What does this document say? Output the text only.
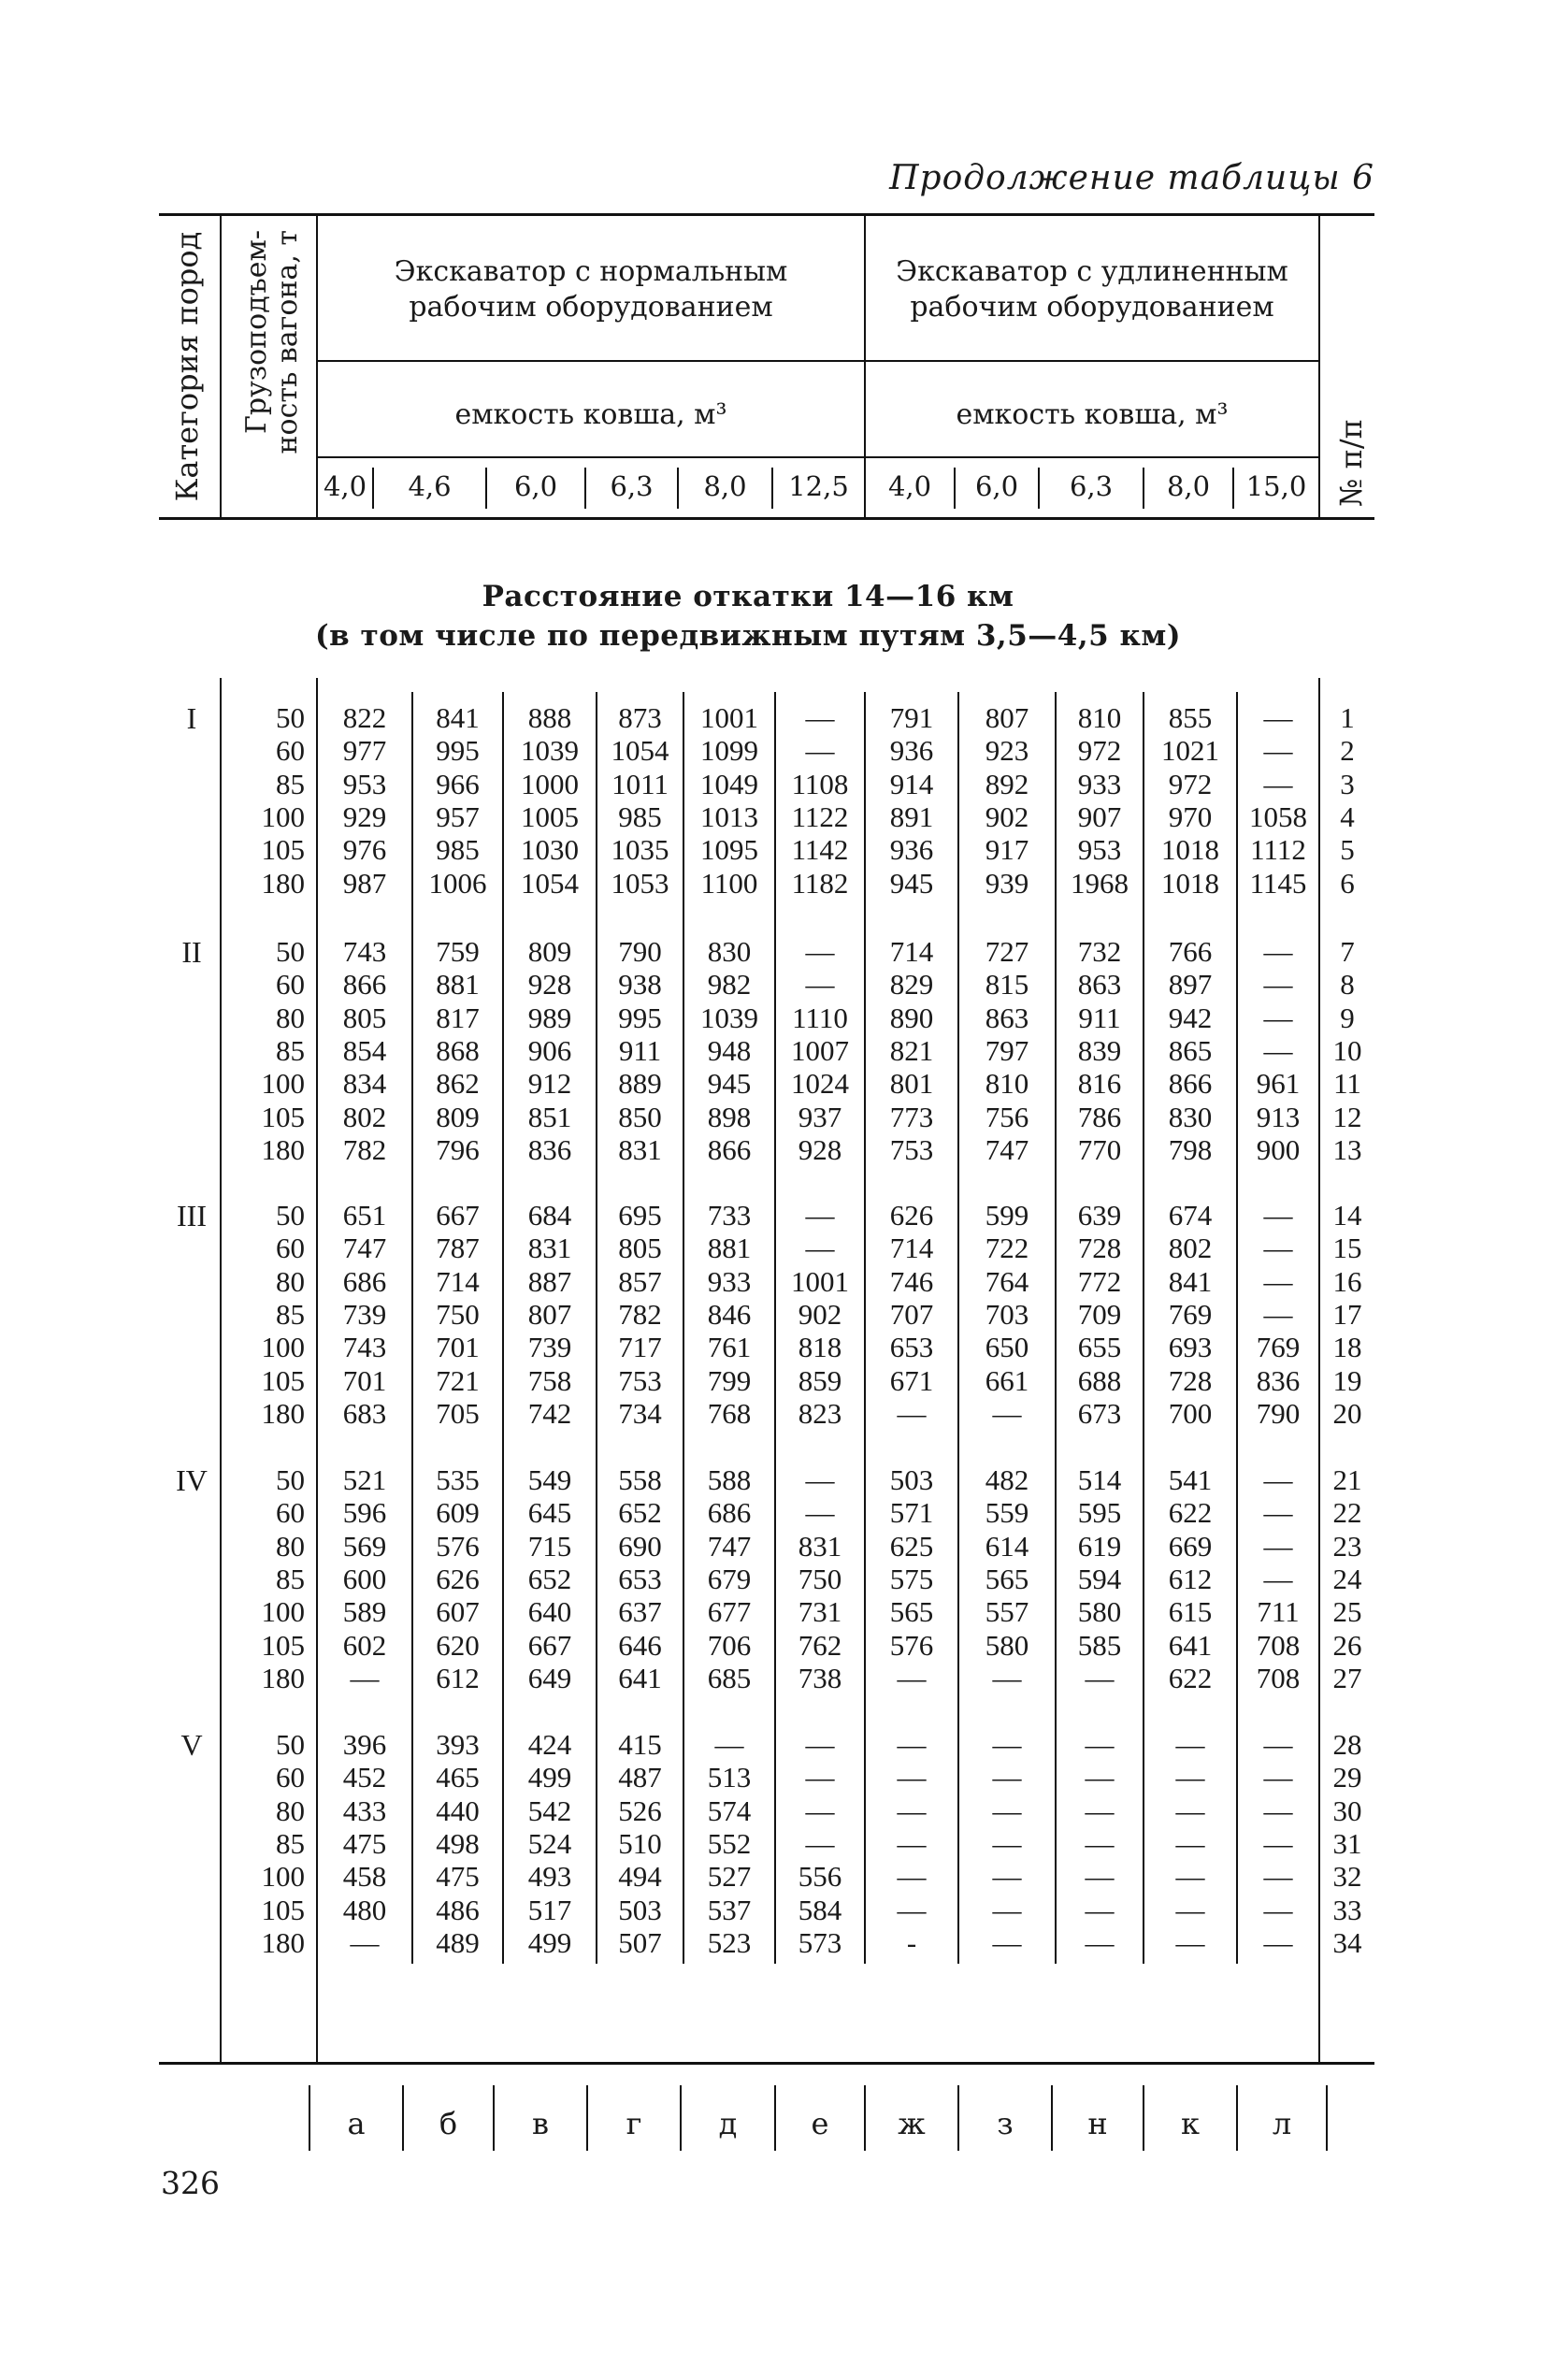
Продолжение таблицы 6
Категория пород Грузоподъем-
ность вагона, т
№ п/п
Экскаватор с нормальным
рабочим оборудованием
Экскаватор с удлиненным
рабочим оборудованием
емкость ковша, м³	емкость ковша, м³
4,0	4,6	6,0	6,3	8,0	12,5	4,0	6,0	6,3	8,0	15,0
Расстояние откатки 14—16 км
(в том числе по передвижным путям 3,5—4,5 км)
I	50	822	841	888	873	1001	—	791	807	810	855	—	1
60	977	995	1039	1054	1099	—	936	923	972	1021	—	2
85	953	966	1000	1011	1049	1108	914	892	933	972	—	3
100	929	957	1005	985	1013	1122	891	902	907	970	1058	4
105	976	985	1030	1035	1095	1142	936	917	953	1018	1112	5
180	987	1006	1054	1053	1100	1182	945	939	1968	1018	1145	6
II	50	743	759	809	790	830	—	714	727	732	766	—	7
60	866	881	928	938	982	—	829	815	863	897	—	8
80	805	817	989	995	1039	1110	890	863	911	942	—	9
85	854	868	906	911	948	1007	821	797	839	865	—	10
100	834	862	912	889	945	1024	801	810	816	866	961	11
105	802	809	851	850	898	937	773	756	786	830	913	12
180	782	796	836	831	866	928	753	747	770	798	900	13
III	50	651	667	684	695	733	—	626	599	639	674	—	14
60	747	787	831	805	881	—	714	722	728	802	—	15
80	686	714	887	857	933	1001	746	764	772	841	—	16
85	739	750	807	782	846	902	707	703	709	769	—	17
100	743	701	739	717	761	818	653	650	655	693	769	18
105	701	721	758	753	799	859	671	661	688	728	836	19
180	683	705	742	734	768	823	—	—	673	700	790	20
IV	50	521	535	549	558	588	—	503	482	514	541	—	21
60	596	609	645	652	686	—	571	559	595	622	—	22
80	569	576	715	690	747	831	625	614	619	669	—	23
85	600	626	652	653	679	750	575	565	594	612	—	24
100	589	607	640	637	677	731	565	557	580	615	711	25
105	602	620	667	646	706	762	576	580	585	641	708	26
180	—	612	649	641	685	738	—	—	—	622	708	27
V	50	396	393	424	415	—	—	—	—	—	—	—	28
60	452	465	499	487	513	—	—	—	—	—	—	29
80	433	440	542	526	574	—	—	—	—	—	—	30
85	475	498	524	510	552	—	—	—	—	—	—	31
100	458	475	493	494	527	556	—	—	—	—	—	32
105	480	486	517	503	537	584	—	—	—	—	—	33
180	—	489	499	507	523	573	-	—	—	—	—	34
а	б	в	г	д	е	ж	з	н	к	л
326
